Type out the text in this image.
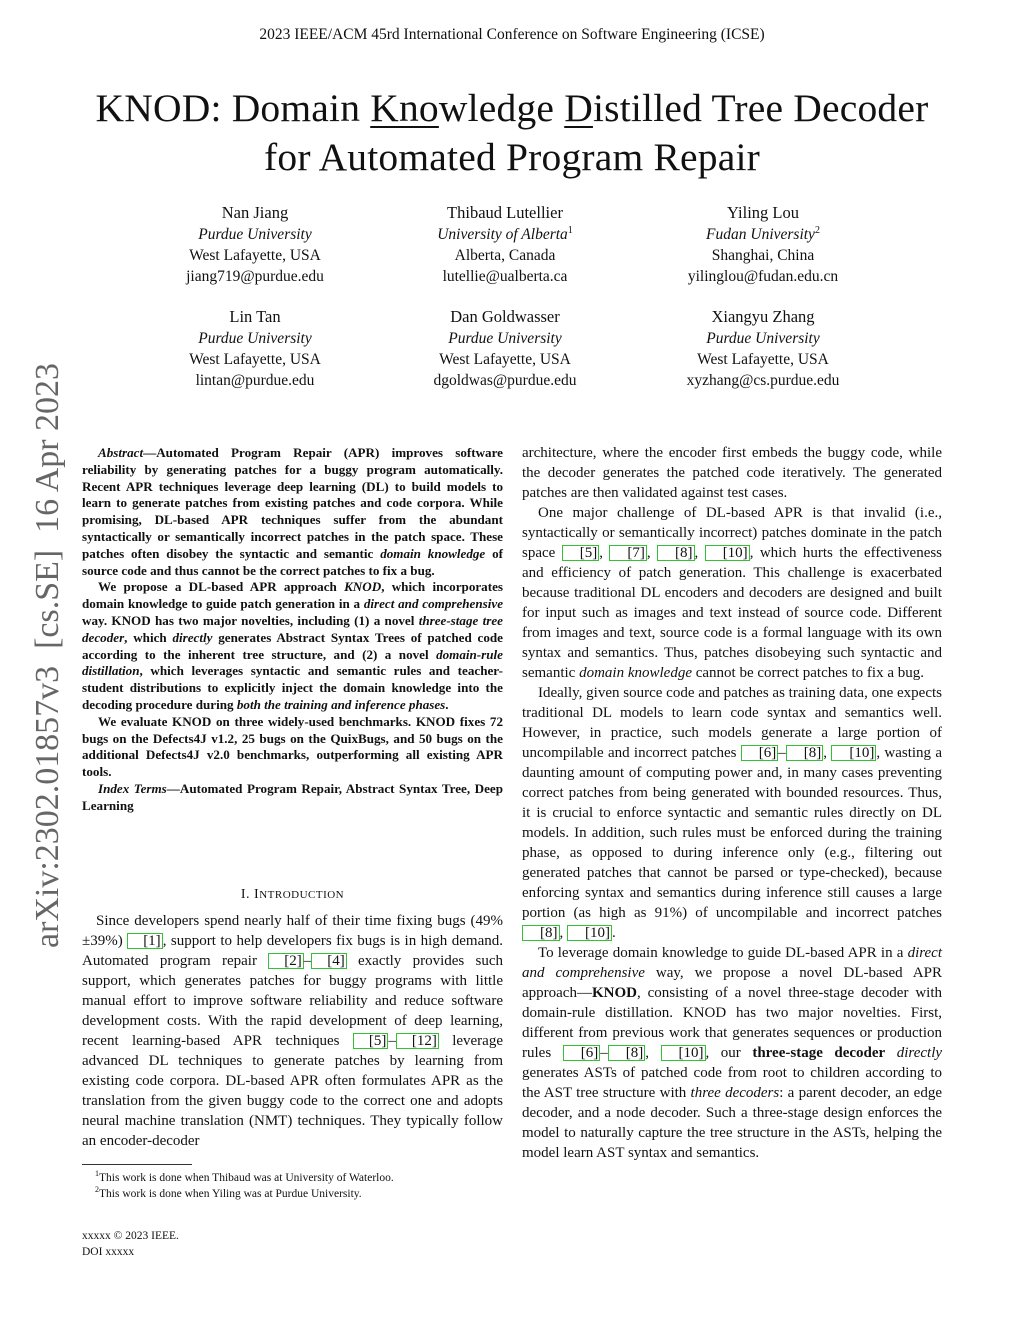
2023 IEEE/ACM 45rd International Conference on Software Engineering (ICSE)
KNOD: Domain Knowledge Distilled Tree Decoder
for Automated Program Repair
Nan Jiang
Purdue University
West Lafayette, USA
jiang719@purdue.edu
Thibaud Lutellier
University of Alberta$^1$
Alberta, Canada
lutellie@ualberta.ca
Yiling Lou
Fudan University$^2$
Shanghai, China
yilinglou@fudan.edu.cn
Lin Tan
Purdue University
West Lafayette, USA
lintan@purdue.edu
Dan Goldwasser
Purdue University
West Lafayette, USA
dgoldwas@purdue.edu
Xiangyu Zhang
Purdue University
West Lafayette, USA
xyzhang@cs.purdue.edu
arXiv:2302.01857v3  [cs.SE]  16 Apr 2023	Abstract—Automated Program Repair (APR) improves software reliability by generating patches for a buggy program automatically. Recent APR techniques leverage deep learning (DL) to build models to learn to generate patches from existing patches and code corpora. While promising, DL-based APR techniques suffer from the abundant syntactically or semantically incorrect patches in the patch space. These patches often disobey the syntactic and semantic domain knowledge of source code and thus cannot be the correct patches to fix a bug.

We propose a DL-based APR approach KNOD, which incorporates domain knowledge to guide patch generation in a direct and comprehensive way. KNOD has two major novelties, including (1) a novel three-stage tree decoder, which directly generates Abstract Syntax Trees of patched code according to the inherent tree structure, and (2) a novel domain-rule distillation, which leverages syntactic and semantic rules and teacher-student distributions to explicitly inject the domain knowledge into the decoding procedure during both the training and inference phases.

We evaluate KNOD on three widely-used benchmarks. KNOD fixes 72 bugs on the Defects4J v1.2, 25 bugs on the QuixBugs, and 50 bugs on the additional Defects4J v2.0 benchmarks, outperforming all existing APR tools.

Index Terms—Automated Program Repair, Abstract Syntax Tree, Deep Learning

I. INTRODUCTION

Since developers spend nearly half of their time fixing bugs (49%±39%) [1] , support to help developers fix bugs is in high demand. Automated program repair [2] – [4] exactly provides such support, which generates patches for buggy programs with little manual effort to improve software reliability and reduce software development costs. With the rapid development of deep learning, recent learning-based APR techniques [5] – [12] leverage advanced DL techniques to generate patches by learning from existing code corpora. DL-based APR often formulates APR as the translation from the given buggy code to the correct one and adopts neural machine translation (NMT) techniques. They typically follow an encoder-decoder

architecture, where the encoder first embeds the buggy code, while the decoder generates the patched code iteratively. The generated patches are then validated against test cases.

One major challenge of DL-based APR is that invalid (i.e., syntactically or semantically incorrect) patches dominate in the patch space [5] , [7] , [8] , [10] , which hurts the effectiveness and efficiency of patch generation. This challenge is exacerbated because traditional DL encoders and decoders are designed and built for input such as images and text instead of source code. Different from images and text, source code is a formal language with its own syntax and semantics. Thus, patches disobeying such syntactic and semantic domain knowledge cannot be correct patches to fix a bug.

Ideally, given source code and patches as training data, one expects traditional DL models to learn code syntax and semantics well. However, in practice, such models generate a large portion of uncompilable and incorrect patches [6] – [8] , [10] , wasting a daunting amount of computing power and, in many cases preventing correct patches from being generated with bounded resources. Thus, it is crucial to enforce syntactic and semantic rules directly on DL models. In addition, such rules must be enforced during the training phase, as opposed to during inference only (e.g., filtering out generated patches that cannot be parsed or type-checked), because enforcing syntax and semantics during inference still causes a large portion (as high as 91%) of uncompilable and incorrect patches [8] , [10] .

To leverage domain knowledge to guide DL-based APR in a direct and comprehensive way, we propose a novel DL-based APR approach—KNOD, consisting of a novel three-stage decoder with domain-rule distillation. KNOD has two major novelties. First, different from previous work that generates sequences or production rules [6] – [8] , [10] , our three-stage decoder directly generates ASTs of patched code from root to children according to the AST tree structure with three decoders: a parent decoder, an edge decoder, and a node decoder. Such a three-stage design enforces the model to naturally capture the tree structure in the ASTs, helping the model learn AST syntax and semantics.

$^1$This work is done when Thibaud was at University of Waterloo.
$^2$This work is done when Yiling was at Purdue University.
xxxxx © 2023 IEEE.
DOI xxxxx
